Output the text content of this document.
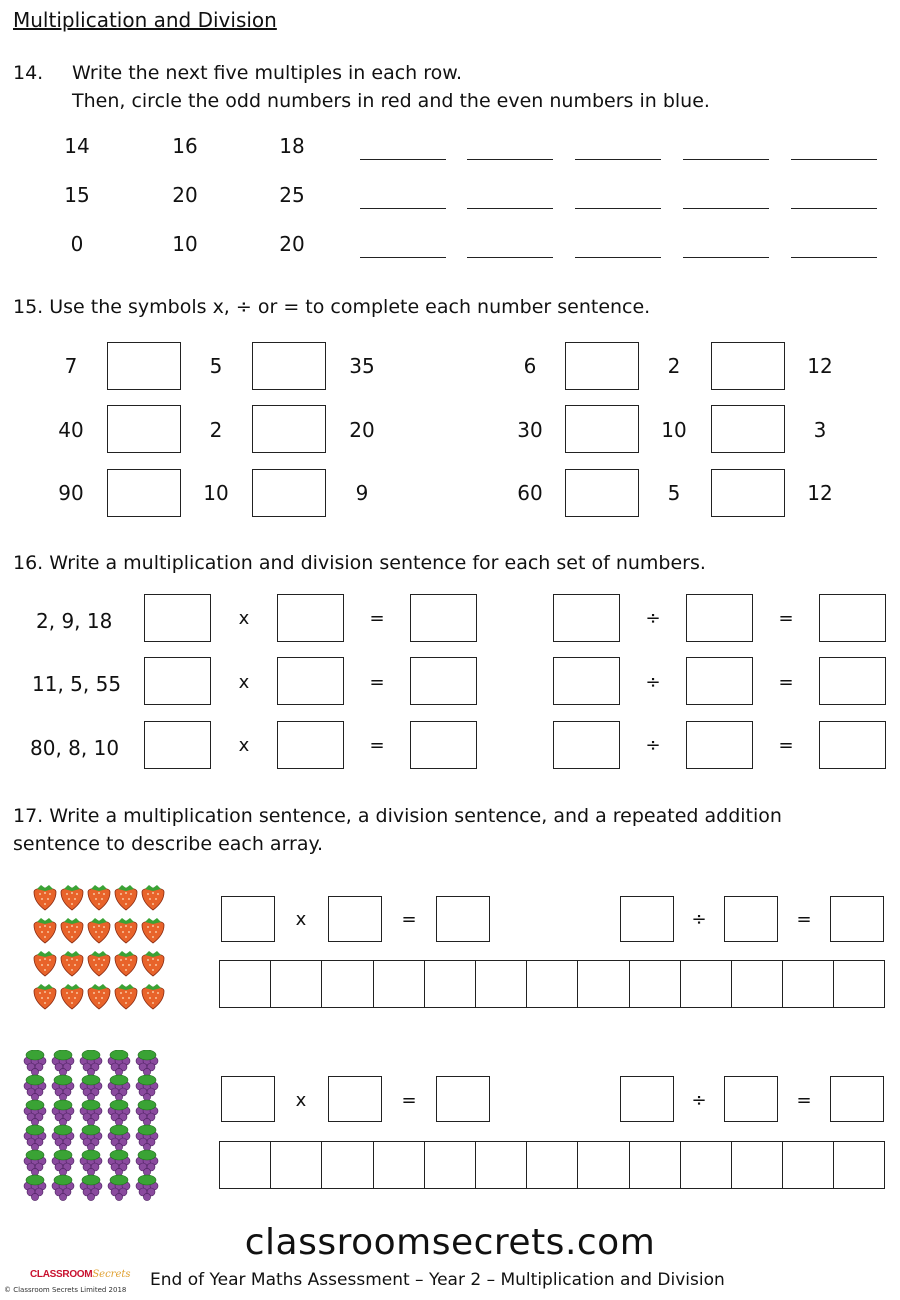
Multiplication and Division
14. Write the next five multiples in each row.
Then, circle the odd numbers in red and the even numbers in blue.
14	16	18
15	20	25
0	10	20
15. Use the symbols x, ÷ or = to complete each number sentence.
7	5	35
40	2	20
90	10	9
6	2	12
30	10	3
60	5	12
16. Write a multiplication and division sentence for each set of numbers.
2, 9, 18
11, 5, 55
80, 8, 10
x	=	÷	=
x	=	÷	=
x	=	÷	=
17. Write a multiplication sentence, a division sentence, and a repeated addition
sentence to describe each array.
x	=	÷	=
x	=	÷	=
classroomsecrets.com
CLASSROOMSecrets
© Classroom Secrets Limited 2018 End of Year Maths Assessment – Year 2 – Multiplication and Division
